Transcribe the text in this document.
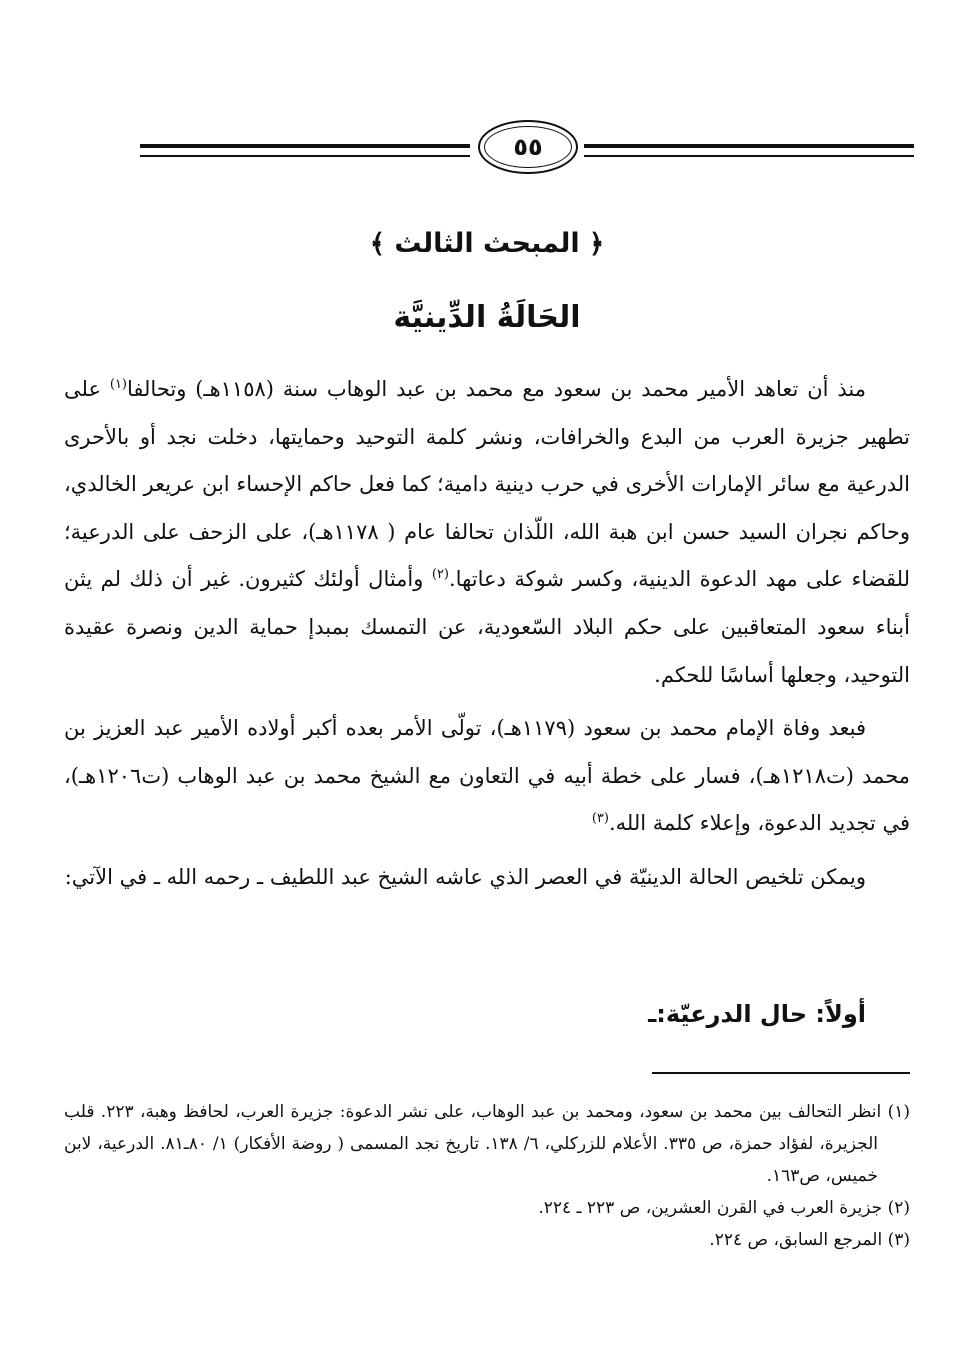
٥٥
﴿ المبحث الثالث ﴾
الحَالَةُ الدِّينيَّة

منذ أن تعاهد الأمير محمد بن سعود مع محمد بن عبد الوهاب سنة (١١٥٨هـ) وتحالفا$^{(١)}$ على تطهير جزيرة العرب من البدع والخرافات، ونشر كلمة التوحيد وحمايتها، دخلت نجد أو بالأحرى الدرعية مع سائر الإمارات الأخرى في حرب دينية دامية؛ كما فعل حاكم الإحساء ابن عريعر الخالدي، وحاكم نجران السيد حسن ابن هبة الله، اللّذان تحالفا عام ( ١١٧٨هـ)، على الزحف على الدرعية؛ للقضاء على مهد الدعوة الدينية، وكسر شوكة دعاتها.$^{(٢)}$ وأمثال أولئك كثيرون. غير أن ذلك لم يثن أبناء سعود المتعاقبين على حكم البلاد السّعودية، عن التمسك بمبدإ حماية الدين ونصرة عقيدة التوحيد، وجعلها أساسًا للحكم.

فبعد وفاة الإمام محمد بن سعود (١١٧٩هـ)، تولّى الأمر بعده أكبر أولاده الأمير عبد العزيز بن محمد (ت١٢١٨هـ)، فسار على خطة أبيه في التعاون مع الشيخ محمد بن عبد الوهاب (ت١٢٠٦هـ)، في تجديد الدعوة، وإعلاء كلمة الله.$^{(٣)}$

ويمكن تلخيص الحالة الدينيّة في العصر الذي عاشه الشيخ عبد اللطيف ـ رحمه الله ـ في الآتي:

أولاً: حال الدرعيّة:ـ

(١) انظر التحالف بين محمد بن سعود، ومحمد بن عبد الوهاب، على نشر الدعوة: جزيرة العرب، لحافظ وهبة، ٢٢٣. قلب الجزيرة، لفؤاد حمزة، ص ٣٣٥. الأعلام للزركلي، ٦/ ١٣٨. تاريخ نجد المسمى ( روضة الأفكار) ١/ ٨٠ـ٨١. الدرعية، لابن خميس، ص١٦٣.

(٢) جزيرة العرب في القرن العشرين، ص ٢٢٣ ـ ٢٢٤.

(٣) المرجع السابق، ص ٢٢٤.
